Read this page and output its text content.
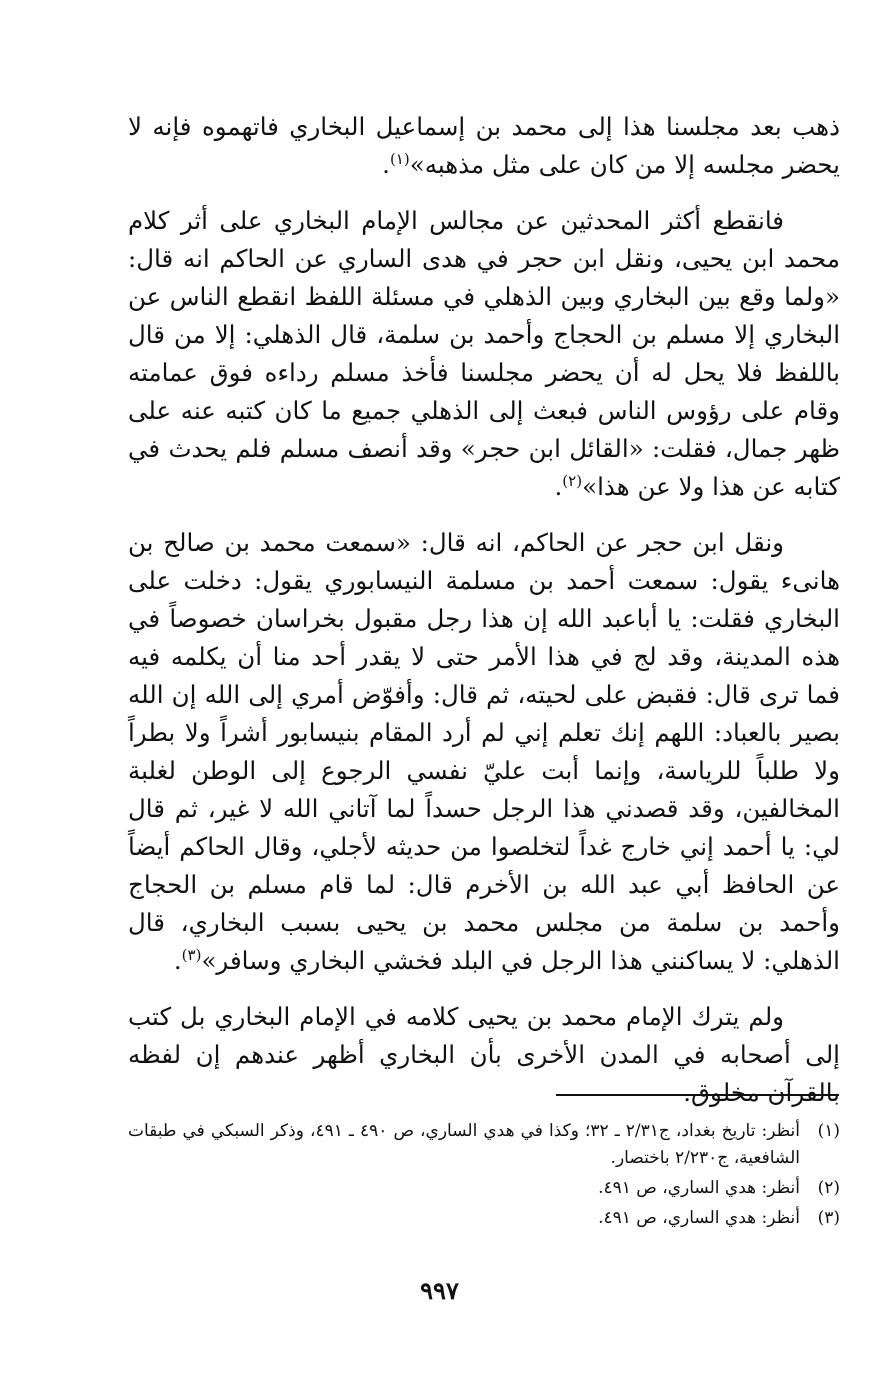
ذهب بعد مجلسنا هذا إلى محمد بن إسماعيل البخاري فاتهموه فإنه لا يحضر مجلسه إلا من كان على مثل مذهبه»$^{(١)}$.

فانقطع أكثر المحدثين عن مجالس الإمام البخاري على أثر كلام محمد ابن يحيى، ونقل ابن حجر في هدى الساري عن الحاكم انه قال: «ولما وقع بين البخاري وبين الذهلي في مسئلة اللفظ انقطع الناس عن البخاري إلا مسلم بن الحجاج وأحمد بن سلمة، قال الذهلي: إلا من قال باللفظ فلا يحل له أن يحضر مجلسنا فأخذ مسلم رداءه فوق عمامته وقام على رؤوس الناس فبعث إلى الذهلي جميع ما كان كتبه عنه على ظهر جمال، فقلت: «القائل ابن حجر» وقد أنصف مسلم فلم يحدث في كتابه عن هذا ولا عن هذا»$^{(٢)}$.

ونقل ابن حجر عن الحاكم، انه قال: «سمعت محمد بن صالح بن هانىء يقول: سمعت أحمد بن مسلمة النيسابوري يقول: دخلت على البخاري فقلت: يا أباعبد الله إن هذا رجل مقبول بخراسان خصوصاً في هذه المدينة، وقد لج في هذا الأمر حتى لا يقدر أحد منا أن يكلمه فيه فما ترى قال: فقبض على لحيته، ثم قال: وأفوّض أمري إلى الله إن الله بصير بالعباد: اللهم إنك تعلم إني لم أرد المقام بنيسابور أشراً ولا بطراً ولا طلباً للرياسة، وإنما أبت عليّ نفسي الرجوع إلى الوطن لغلبة المخالفين، وقد قصدني هذا الرجل حسداً لما آتاني الله لا غير، ثم قال لي: يا أحمد إني خارج غداً لتخلصوا من حديثه لأجلي، وقال الحاكم أيضاً عن الحافظ أبي عبد الله بن الأخرم قال: لما قام مسلم بن الحجاج وأحمد بن سلمة من مجلس محمد بن يحيى بسبب البخاري، قال الذهلي: لا يساكنني هذا الرجل في البلد فخشي البخاري وسافر»$^{(٣)}$.

ولم يترك الإمام محمد بن يحيى كلامه في الإمام البخاري بل كتب إلى أصحابه في المدن الأخرى بأن البخاري أظهر عندهم إن لفظه بالقرآن مخلوق.

(١)
أنظر: تاريخ بغداد، ج٢/٣١ ـ ٣٢؛ وكذا في هدي الساري، ص ٤٩٠ ـ ٤٩١، وذكر السبكي في طبقات الشافعية، ج٢/٢٣٠ باختصار.
(٢)
أنظر: هدي الساري، ص ٤٩١.
(٣)
أنظر: هدي الساري، ص ٤٩١.
٩٩٧
